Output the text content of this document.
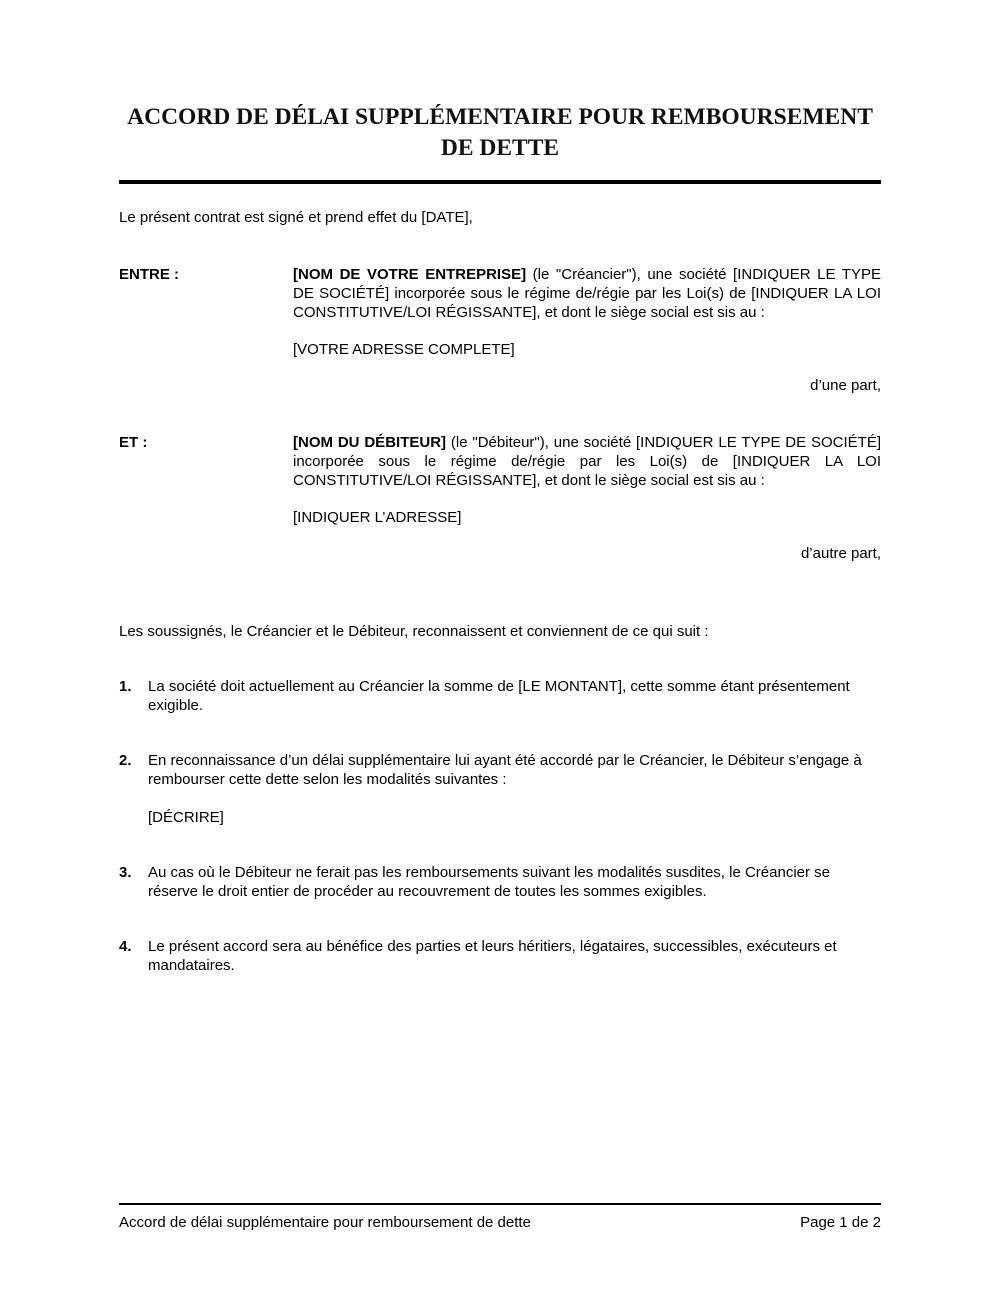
ACCORD DE DÉLAI SUPPLÉMENTAIRE POUR REMBOURSEMENT DE DETTE

Le présent contrat est signé et prend effet du [DATE],

ENTRE :	[NOM DE VOTRE ENTREPRISE] (le "Créancier"), une société [INDIQUER LE TYPE DE SOCIÉTÉ] incorporée sous le régime de/régie par les Loi(s) de [INDIQUER LA LOI CONSTITUTIVE/LOI RÉGISSANTE], et dont le siège social est sis au :

[VOTRE ADRESSE COMPLETE]
d’une part,
ET :	[NOM DU DÉBITEUR] (le "Débiteur"), une société [INDIQUER LE TYPE DE SOCIÉTÉ] incorporée sous le régime de/régie par les Loi(s) de [INDIQUER LA LOI CONSTITUTIVE/LOI RÉGISSANTE], et dont le siège social est sis au :

[INDIQUER L’ADRESSE]
d’autre part,

Les soussignés, le Créancier et le Débiteur, reconnaissent et conviennent de ce qui suit :

1.	La société doit actuellement au Créancier la somme de [LE MONTANT], cette somme étant présentement exigible.

2.	En reconnaissance d’un délai supplémentaire lui ayant été accordé par le Créancier, le Débiteur s’engage à rembourser cette dette selon les modalités suivantes :

[DÉCRIRE]
3.	Au cas où le Débiteur ne ferait pas les remboursements suivant les modalités susdites, le Créancier se réserve le droit entier de procéder au recouvrement de toutes les sommes exigibles.

4.	Le présent accord sera au bénéfice des parties et leurs héritiers, légataires, successibles, exécuteurs et mandataires.

Accord de délai supplémentaire pour remboursement de dette	Page 1 de 2
